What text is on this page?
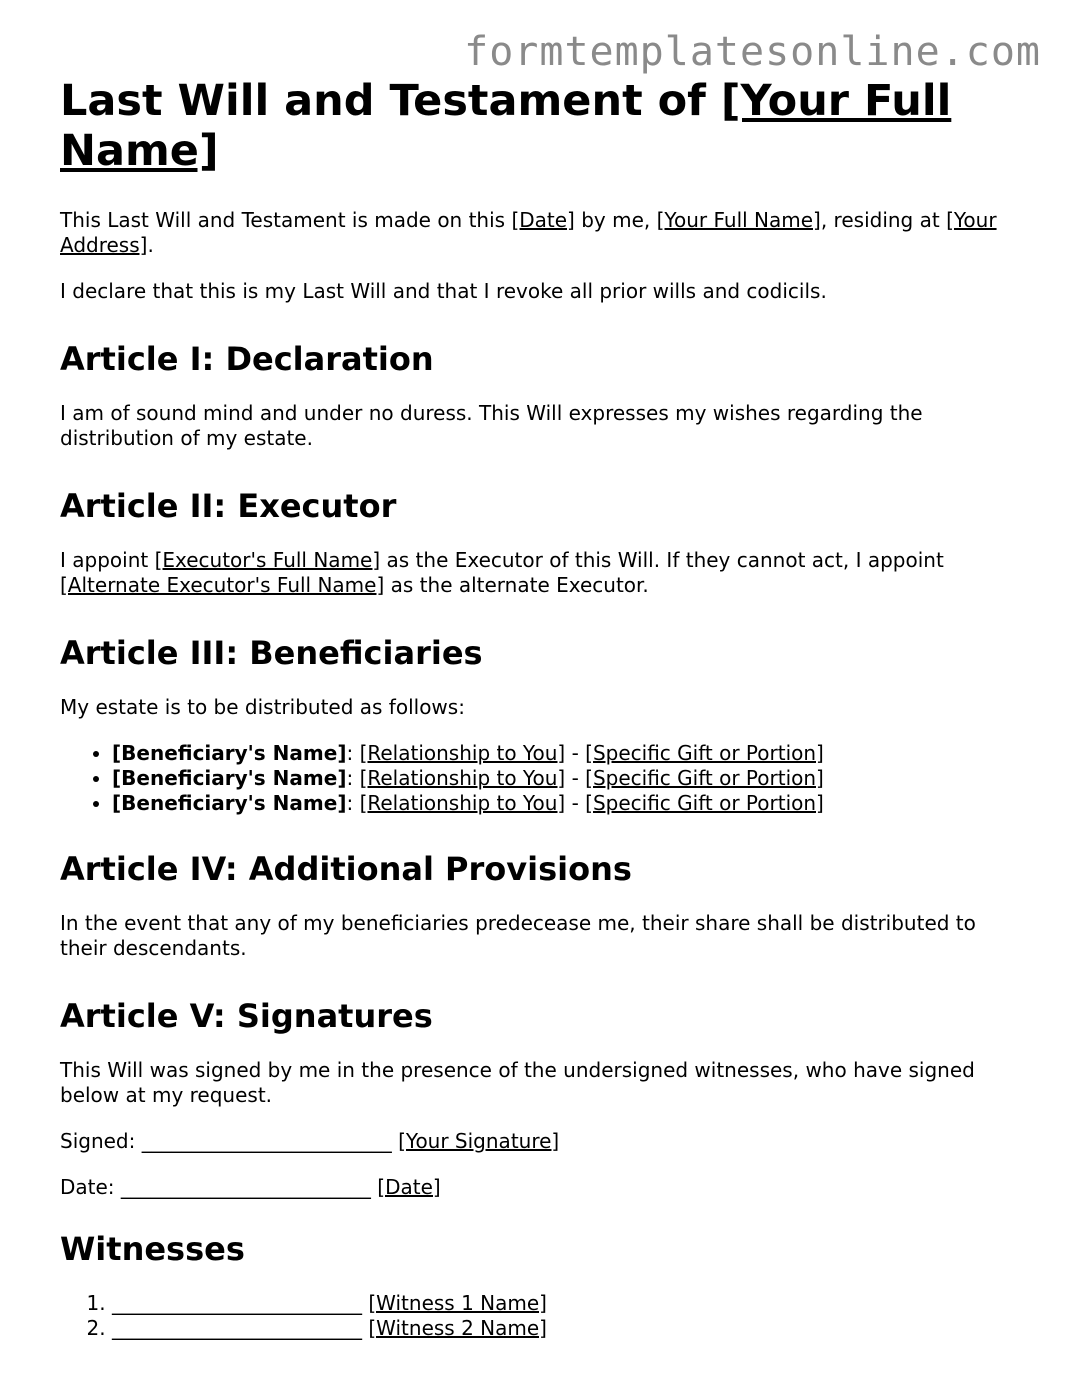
formtemplatesonline.com
Last Will and Testament of [Your Full Name]

This Last Will and Testament is made on this [Date] by me, [Your Full Name], residing at [Your Address].

I declare that this is my Last Will and that I revoke all prior wills and codicils.

Article I: Declaration

I am of sound mind and under no duress. This Will expresses my wishes regarding the distribution of my estate.

Article II: Executor

I appoint [Executor's Full Name] as the Executor of this Will. If they cannot act, I appoint [Alternate Executor's Full Name] as the alternate Executor.

Article III: Beneficiaries

My estate is to be distributed as follows:

• [Beneficiary's Name]: [Relationship to You] - [Specific Gift or Portion]
• [Beneficiary's Name]: [Relationship to You] - [Specific Gift or Portion]
• [Beneficiary's Name]: [Relationship to You] - [Specific Gift or Portion]
Article IV: Additional Provisions

In the event that any of my beneficiaries predecease me, their share shall be distributed to their descendants.

Article V: Signatures

This Will was signed by me in the presence of the undersigned witnesses, who have signed below at my request.

Signed: _________________________ [Your Signature]

Date: _________________________ [Date]

Witnesses
1. _________________________ [Witness 1 Name]
2. _________________________ [Witness 2 Name]
